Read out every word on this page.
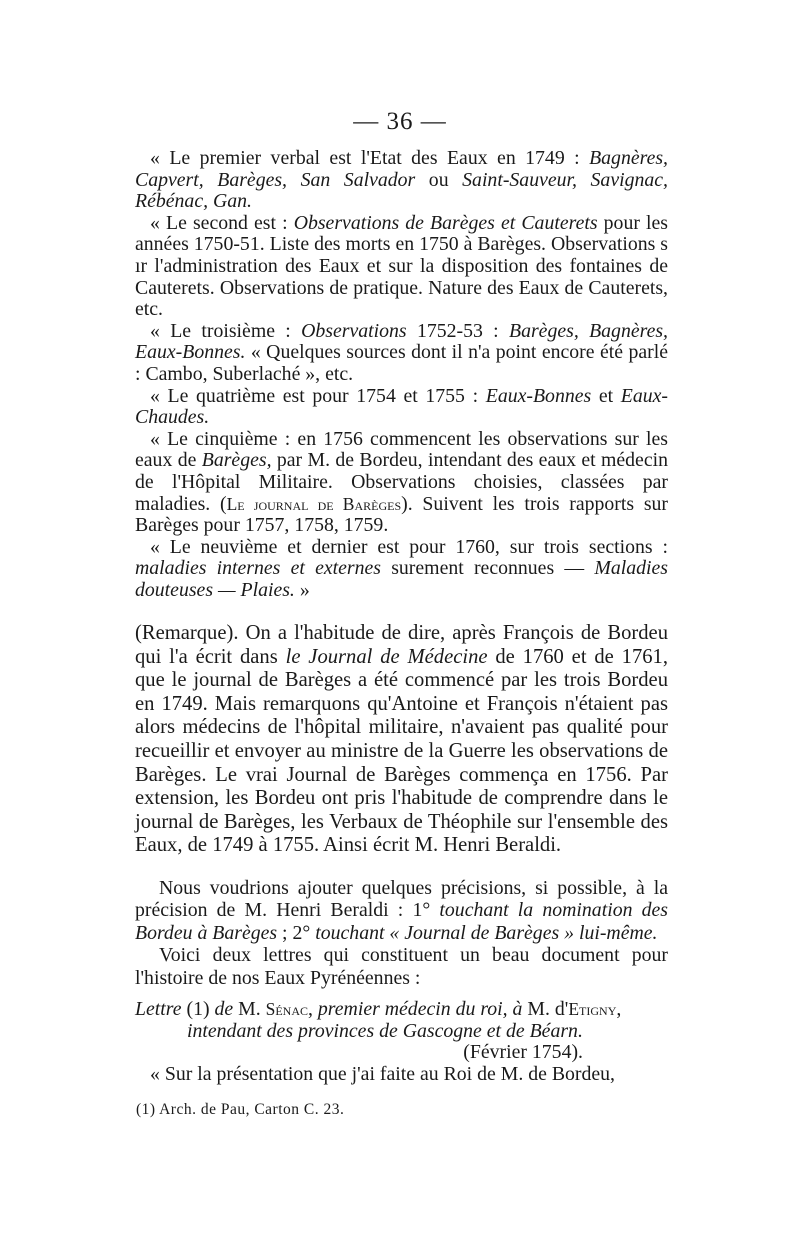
— 36 —

« Le premier verbal est l'Etat des Eaux en 1749 : Bagnères, Capvert, Barèges, San Salvador ou Saint-Sauveur, Savignac, Rébénac, Gan.

« Le second est : Observations de Barèges et Cauterets pour les années 1750-51. Liste des morts en 1750 à Barèges. Observations s ır l'administration des Eaux et sur la disposition des fontaines de Cauterets. Observations de pratique. Nature des Eaux de Cauterets, etc.

« Le troisième : Observations 1752-53 : Barèges, Bagnères, Eaux-Bonnes. « Quelques sources dont il n'a point encore été parlé : Cambo, Suberlaché », etc.

« Le quatrième est pour 1754 et 1755 : Eaux-Bonnes et Eaux-Chaudes.

« Le cinquième : en 1756 commencent les observations sur les eaux de Barèges, par M. de Bordeu, intendant des eaux et médecin de l'Hôpital Militaire. Observations choisies, classées par maladies. (Le journal de Barèges). Suivent les trois rapports sur Barèges pour 1757, 1758, 1759.

« Le neuvième et dernier est pour 1760, sur trois sections : maladies internes et externes surement reconnues — Maladies douteuses — Plaies. »

(Remarque). On a l'habitude de dire, après François de Bordeu qui l'a écrit dans le Journal de Médecine de 1760 et de 1761, que le journal de Barèges a été commencé par les trois Bordeu en 1749. Mais remarquons qu'Antoine et François n'étaient pas alors médecins de l'hôpital militaire, n'avaient pas qualité pour recueillir et envoyer au ministre de la Guerre les observations de Barèges. Le vrai Journal de Barèges commença en 1756. Par extension, les Bordeu ont pris l'habitude de comprendre dans le journal de Barèges, les Verbaux de Théophile sur l'ensemble des Eaux, de 1749 à 1755. Ainsi écrit M. Henri Beraldi.

Nous voudrions ajouter quelques précisions, si possible, à la précision de M. Henri Beraldi : 1° touchant la nomination des Bordeu à Barèges ; 2° touchant « Journal de Barèges » lui-même.

Voici deux lettres qui constituent un beau document pour l'histoire de nos Eaux Pyrénéennes :

Lettre (1) de M. Sénac, premier médecin du roi, à M. d'Etigny,

intendant des provinces de Gascogne et de Béarn.

(Février 1754).

« Sur la présentation que j'ai faite au Roi de M. de Bordeu,

(1) Arch. de Pau, Carton C. 23.
